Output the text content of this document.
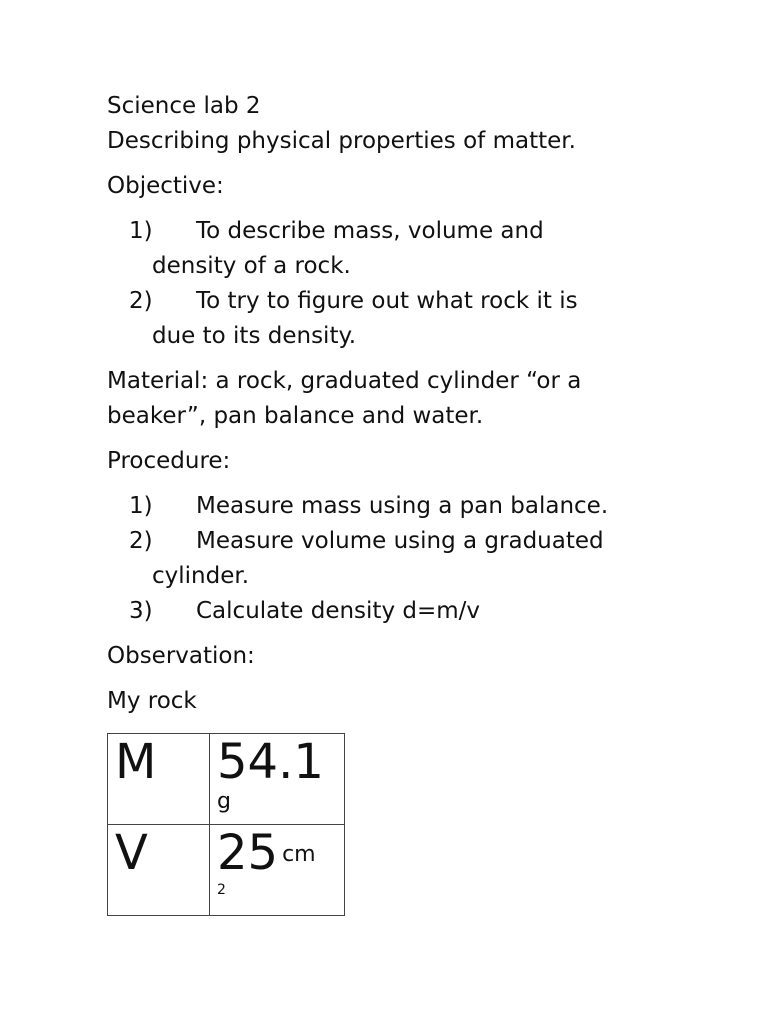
Science lab 2
Describing physical properties of matter.
Objective:
1) To describe mass, volume and
density of a rock.
2) To try to figure out what rock it is
due to its density.
Material: a rock, graduated cylinder “or a
beaker”, pan balance and water.
Procedure:
1) Measure mass using a pan balance.
2) Measure volume using a graduated
cylinder.
3) Calculate density d=m/v
Observation:
My rock
M	54.1
g

V	25 cm
2
